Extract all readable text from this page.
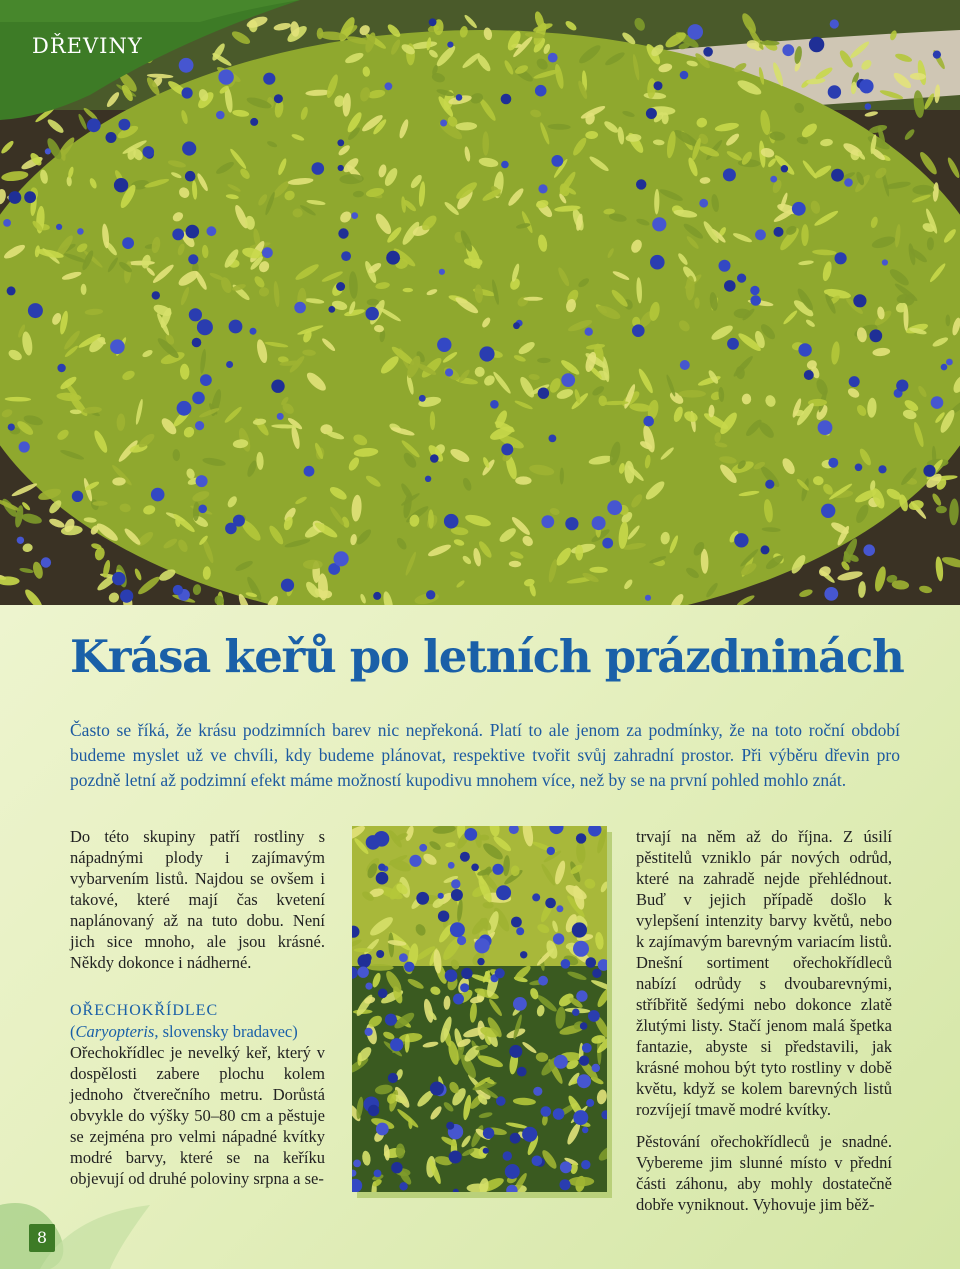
DŘEVINY
Krása keřů po letních prázdninách

Často se říká, že krásu podzimních barev nic nepřekoná. Platí to ale jenom za podmínky, že na toto roční období budeme myslet už ve chvíli, kdy budeme plánovat, respektive tvořit svůj zahradní prostor. Při výběru dřevin pro pozdně letní až podzimní efekt máme možností kupodivu mnohem více, než by se na první pohled mohlo znát.

Do této skupiny patří rostliny s nápadnými plody i zajímavým vybarvením listů. Najdou se ovšem i takové, které mají čas kvetení naplánovaný až na tuto dobu. Není jich sice mnoho, ale jsou krásné. Někdy dokonce i nádherné.

OŘECHOKŘÍDLEC

(Caryopteris, slovensky bradavec)

Ořechokřídlec je nevelký keř, který v dospělosti zabere plochu kolem jednoho čtverečního metru. Dorůstá obvykle do výšky 50–80 cm a pěstuje se zejména pro velmi nápadné kvítky modré barvy, které se na keříku objevují od druhé poloviny srpna a se-

trvají na něm až do října. Z úsilí pěstitelů vzniklo pár nových odrůd, které na zahradě nejde přehlédnout. Buď v jejich případě došlo k vylepšení intenzity barvy květů, nebo k zajímavým barevným variacím listů. Dnešní sortiment ořechokřídleců nabízí odrůdy s dvoubarevnými, stříbřitě šedými nebo dokonce zlatě žlutými listy. Stačí jenom malá špetka fantazie, abyste si představili, jak krásné mohou být tyto rostliny v době květu, když se kolem barevných listů rozvíjejí tmavě modré kvítky.

Pěstování ořechokřídleců je snadné. Vybereme jim slunné místo v přední části záhonu, aby mohly dostatečně dobře vyniknout. Vyhovuje jim běž-

8
